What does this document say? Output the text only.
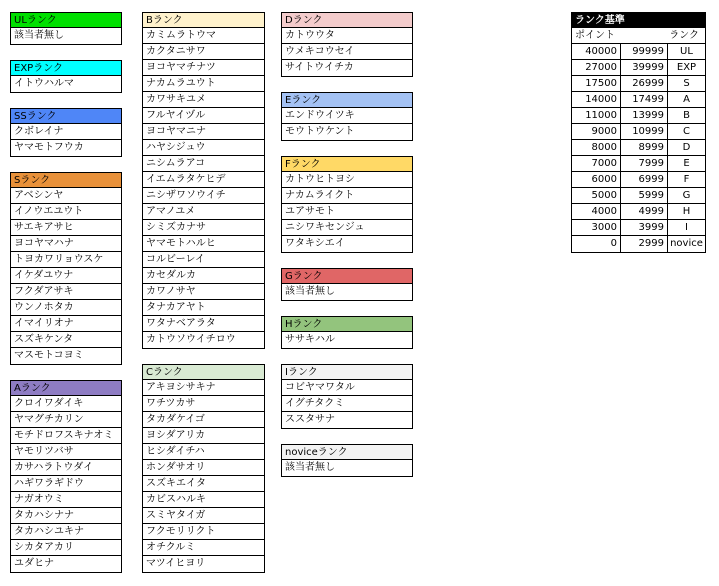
ULランク
該当者無し
EXPランク
イトウハルマ
SSランク
クボレイナ
ヤマモトフウカ
Sランク
アベシンヤ
イノウエユウト
サエキアサヒ
ヨコヤマハナ
トヨカワリョウスケ
イケダユウナ
フクダアサキ
ウンノホタカ
イマイリオナ
スズキケンタ
マスモトコヨミ
Aランク
クロイワダイキ
ヤマグチカリン
モチドロフスキナオミ
ヤモリツバサ
カサハラトウダイ
ハギワラギドウ
ナガオウミ
タカハシナナ
タカハシユキナ
シカタアカリ
ユダヒナ
Bランク
カミムラトウマ
カクタニサワ
ヨコヤマチナツ
ナカムラユウト
カワサキユメ
フルヤイヅル
ヨコヤマニナ
ハヤシジュウ
ニシムラアコ
イエムラタケヒデ
ニシザワソウイチ
アマノユメ
シミズカナサ
ヤマモトハルヒ
コルビーレイ
カセダルカ
カワノサヤ
タナカアヤト
ワタナベアラタ
カトウソウイチロウ
Cランク
アキヨシサキナ
ワチツカサ
タカダケイゴ
ヨシダアリカ
ヒシダイチハ
ホンダサオリ
スズキエイタ
カビスハルキ
スミヤタイガ
フクモリリクト
オチクルミ
マツイヒヨリ
Dランク
カトウウタ
ウメキコウセイ
サイトウイチカ
Eランク
エンドウイツキ
モウトウケント
Fランク
カトウヒトヨシ
ナカムライクト
ユアサモト
ニシワキセンジュ
ワタキシエイ
Gランク
該当者無し
Hランク
ササキハル
Iランク
コビヤマワタル
イグチタクミ
ススタサナ
noviceランク
該当者無し
ランク基準
ポイント	ランク
40000	99999	UL
27000	39999	EXP
17500	26999	S
14000	17499	A
11000	13999	B
9000	10999	C
8000	8999	D
7000	7999	E
6000	6999	F
5000	5999	G
4000	4999	H
3000	3999	I
0	2999 novice
